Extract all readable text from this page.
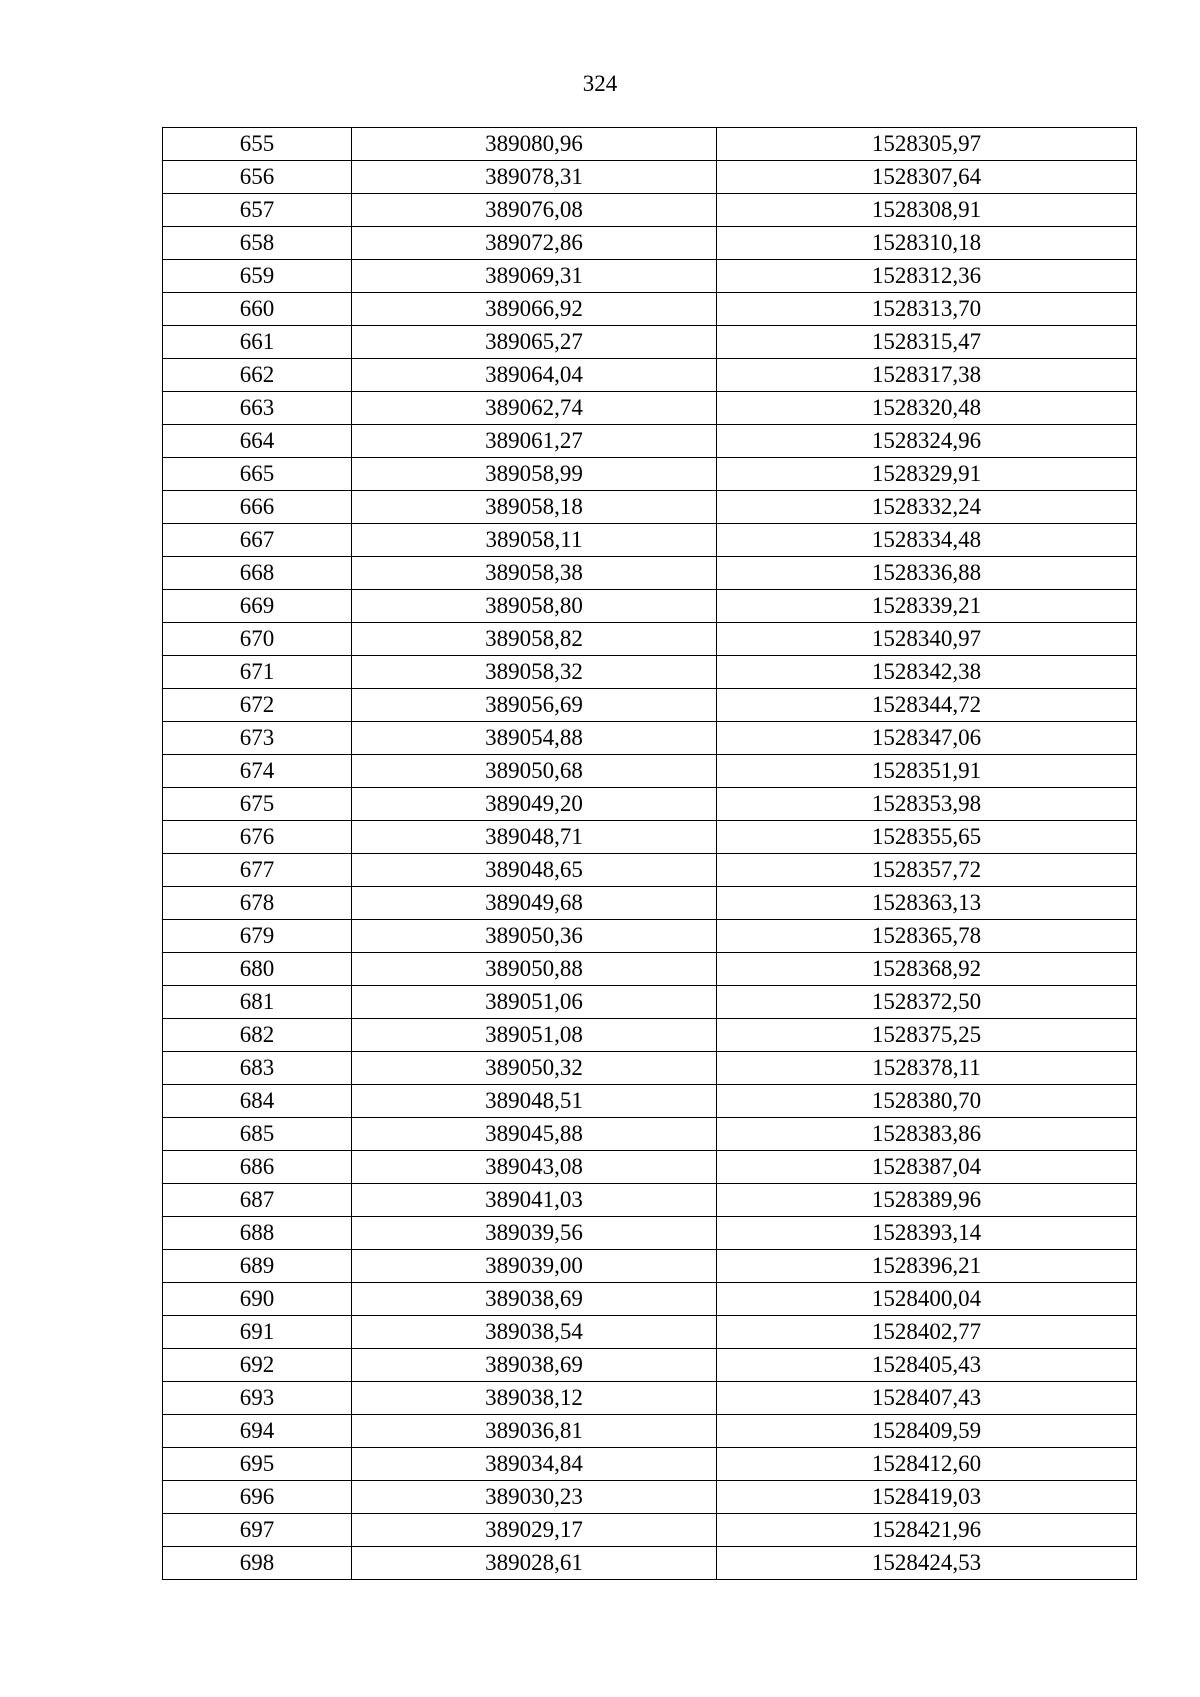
324
655	389080,96	1528305,97
656	389078,31	1528307,64
657	389076,08	1528308,91
658	389072,86	1528310,18
659	389069,31	1528312,36
660	389066,92	1528313,70
661	389065,27	1528315,47
662	389064,04	1528317,38
663	389062,74	1528320,48
664	389061,27	1528324,96
665	389058,99	1528329,91
666	389058,18	1528332,24
667	389058,11	1528334,48
668	389058,38	1528336,88
669	389058,80	1528339,21
670	389058,82	1528340,97
671	389058,32	1528342,38
672	389056,69	1528344,72
673	389054,88	1528347,06
674	389050,68	1528351,91
675	389049,20	1528353,98
676	389048,71	1528355,65
677	389048,65	1528357,72
678	389049,68	1528363,13
679	389050,36	1528365,78
680	389050,88	1528368,92
681	389051,06	1528372,50
682	389051,08	1528375,25
683	389050,32	1528378,11
684	389048,51	1528380,70
685	389045,88	1528383,86
686	389043,08	1528387,04
687	389041,03	1528389,96
688	389039,56	1528393,14
689	389039,00	1528396,21
690	389038,69	1528400,04
691	389038,54	1528402,77
692	389038,69	1528405,43
693	389038,12	1528407,43
694	389036,81	1528409,59
695	389034,84	1528412,60
696	389030,23	1528419,03
697	389029,17	1528421,96
698	389028,61	1528424,53
